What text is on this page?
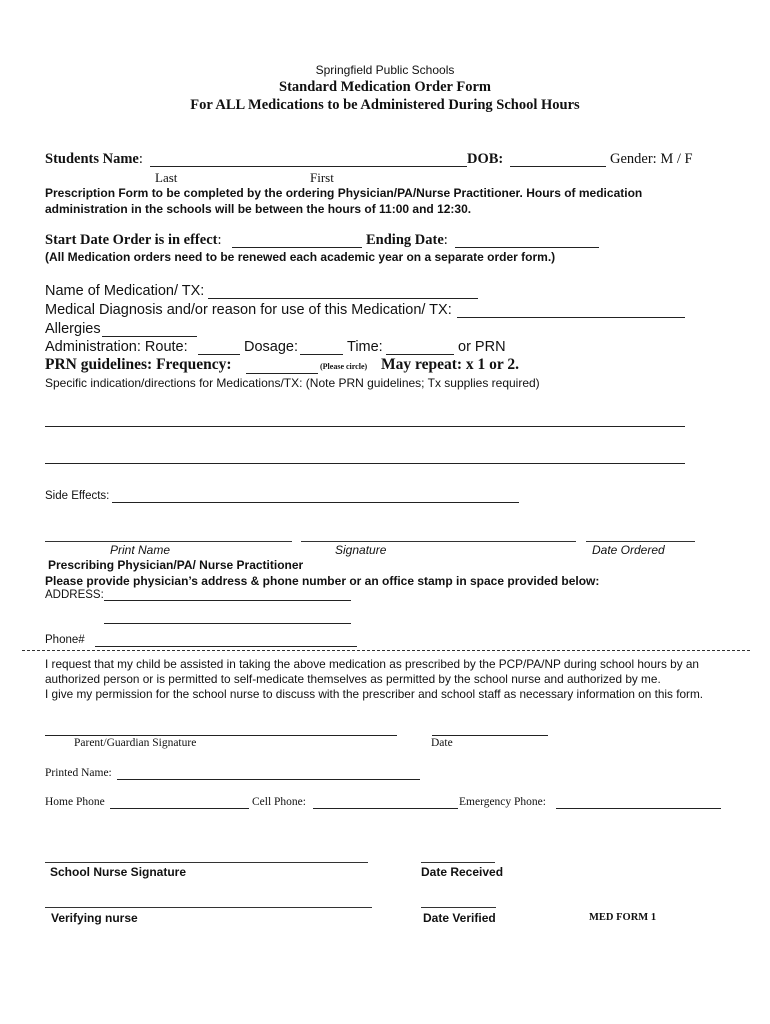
Springfield Public Schools
Standard Medication Order Form
For ALL Medications to be Administered During School Hours
Students Name:	DOB:	Gender: M / F
Last	First
Prescription Form to be completed by the ordering Physician/PA/Nurse Practitioner. Hours of medication
administration in the schools will be between the hours of 11:00 and 12:30.
Start Date Order is in effect:	Ending Date:
(All Medication orders need to be renewed each academic year on a separate order form.)
Name of Medication/ TX:
Medical Diagnosis and/or reason for use of this Medication/ TX:
Allergies
Administration: Route:	Dosage:	Time:	or PRN
PRN guidelines: Frequency:	(Please circle) May repeat: x 1 or 2.
Specific indication/directions for Medications/TX: (Note PRN guidelines; Tx supplies required)
Side Effects:
Print Name	Signature	Date Ordered
Prescribing Physician/PA/ Nurse Practitioner
Please provide physician’s address & phone number or an office stamp in space provided below:
ADDRESS:
Phone#
I request that my child be assisted in taking the above medication as prescribed by the PCP/PA/NP during school hours by an
authorized person or is permitted to self-medicate themselves as permitted by the school nurse and authorized by me.
I give my permission for the school nurse to discuss with the prescriber and school staff as necessary information on this form.
Parent/Guardian Signature	Date
Printed Name:
Home Phone	Cell Phone:	Emergency Phone:
School Nurse Signature	Date Received
Verifying nurse	Date Verified	MED FORM 1
